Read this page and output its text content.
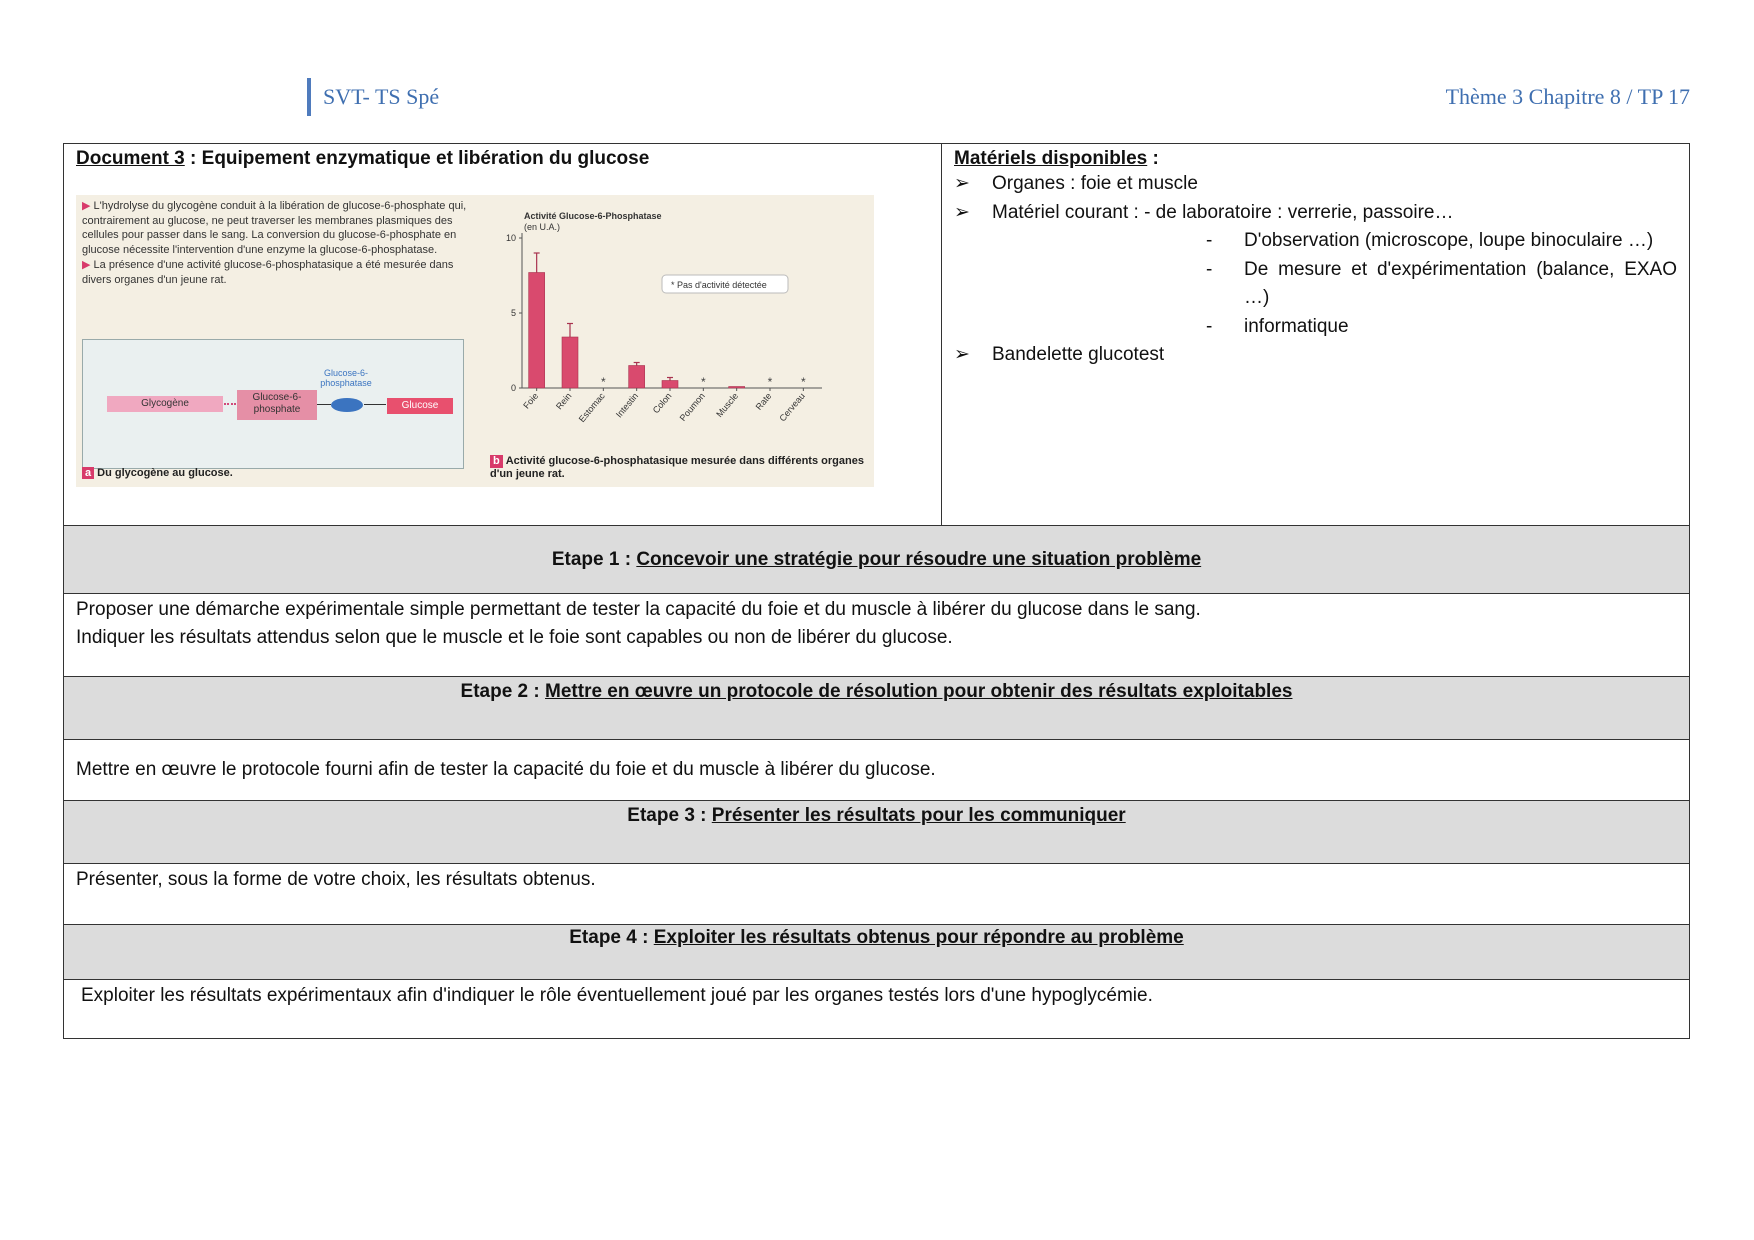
SVT- TS Spé	Thème 3 Chapitre 8 / TP 17
Document 3 : Equipement enzymatique et libération du glucose

▶ L'hydrolyse du glycogène conduit à la libération de glucose-6-phosphate qui, contrairement au glucose, ne peut traverser les membranes plasmiques des cellules pour passer dans le sang. La conversion du glucose-6-phosphate en glucose nécessite l'intervention d'une enzyme la glucose-6-phosphatase.

▶ La présence d'une activité glucose-6-phosphatasique a été mesurée dans divers organes d'un jeune rat.

Glycogène
Glucose-6-phosphate
Glucose-6-phosphatase
Glucose
a Du glycogène au glucose.
Activité Glucose-6-Phosphatase
(en U.A.)
0
5
10
Foie Rein
*
Estomac Intestin Colon
*
Poumon Muscle
*
Rate
*
Cerveau
* Pas d'activité détectée
b Activité glucose-6-phosphatasique mesurée dans différents organes d'un jeune rat.

Matériels disponibles :
➢ Organes : foie et muscle
➢ Matériel courant : - de laboratoire : verrerie, passoire…
- D'observation (microscope, loupe binoculaire …)
- De mesure et d'expérimentation (balance, EXAO …)
- informatique
➢ Bandelette glucotest

Etape 1 : Concevoir une stratégie pour résoudre une situation problème

Proposer une démarche expérimentale simple permettant de tester la capacité du foie et du muscle à libérer du glucose dans le sang.
Indiquer les résultats attendus selon que le muscle et le foie sont capables ou non de libérer du glucose.

Etape 2 : Mettre en œuvre un protocole de résolution pour obtenir des résultats exploitables

Mettre en œuvre le protocole fourni afin de tester la capacité du foie et du muscle à libérer du glucose.

Etape 3 : Présenter les résultats pour les communiquer

Présenter, sous la forme de votre choix, les résultats obtenus.

Etape 4 : Exploiter les résultats obtenus pour répondre au problème

Exploiter les résultats expérimentaux afin d'indiquer le rôle éventuellement joué par les organes testés lors d'une hypoglycémie.
